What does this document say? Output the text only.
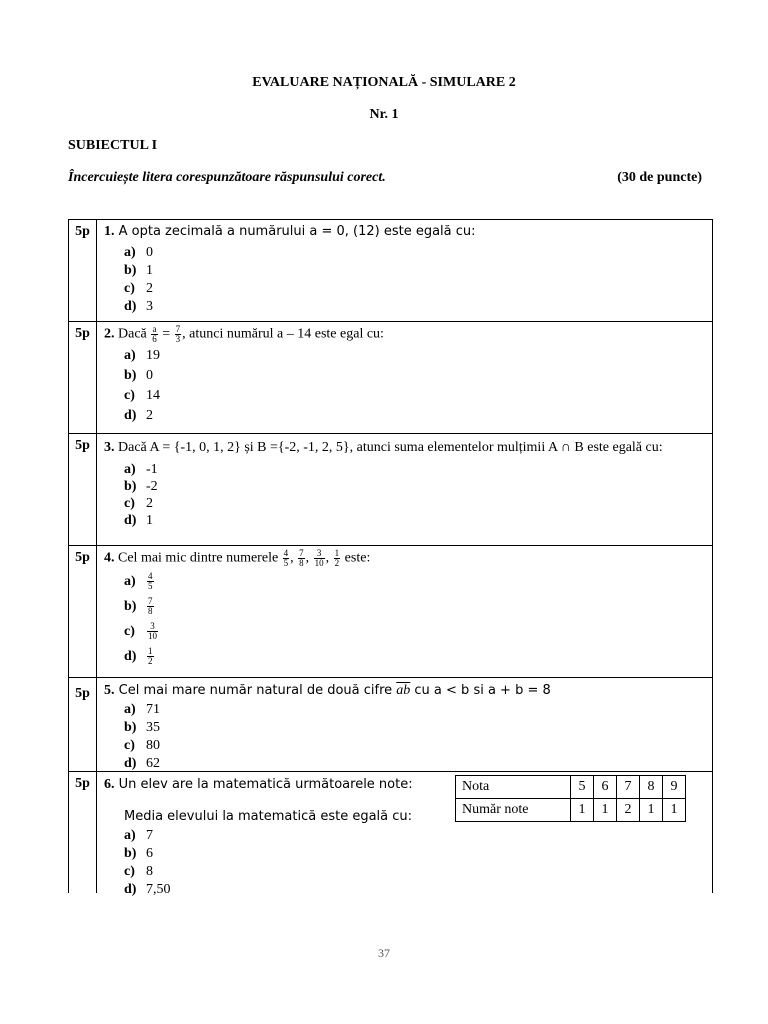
EVALUARE NAȚIONALĂ - SIMULARE 2
Nr. 1
SUBIECTUL I
Încercuiește litera corespunzătoare răspunsului corect.	(30 de puncte)
5p	1. A opta zecimală a numărului a = 0, (12) este egală cu:
a) 0
b) 1
c) 2
d) 3
5p	2. Dacă $\frac{a}{6} = \frac{7}{3}$ , atunci numărul a – 14 este egal cu:
a) 19
b) 0
c) 14
d) 2
5p	3. Dacă A = {-1, 0, 1, 2} și B ={-2, -1, 2, 5}, atunci suma elementelor mulțimii A ∩ B este egală cu:
a) -1
b) -2
c) 2
d) 1
5p	4. Cel mai mic dintre numerele $\frac{4}{5}$ , $\frac{7}{8}$ , $\frac{3}{10}$ , $\frac{1}{2}$ este:
$a) \frac{4}{5}$
$b) \frac{7}{8}$
$c) \frac{3}{10}$
$d) \frac{1}{2}$
5p	5. Cel mai mare număr natural de două cifre $\overline{ab}$ cu a < b si a + b = 8
a) 71
b) 35
c) 80
d) 62
5p	6. Un elev are la matematică următoarele note:
Media elevului la matematică este egală cu:
a) 7
b) 6
c) 8
d) 7,50
Nota	5	6	7	8	9
Număr note	1	1	2	1	1
37
